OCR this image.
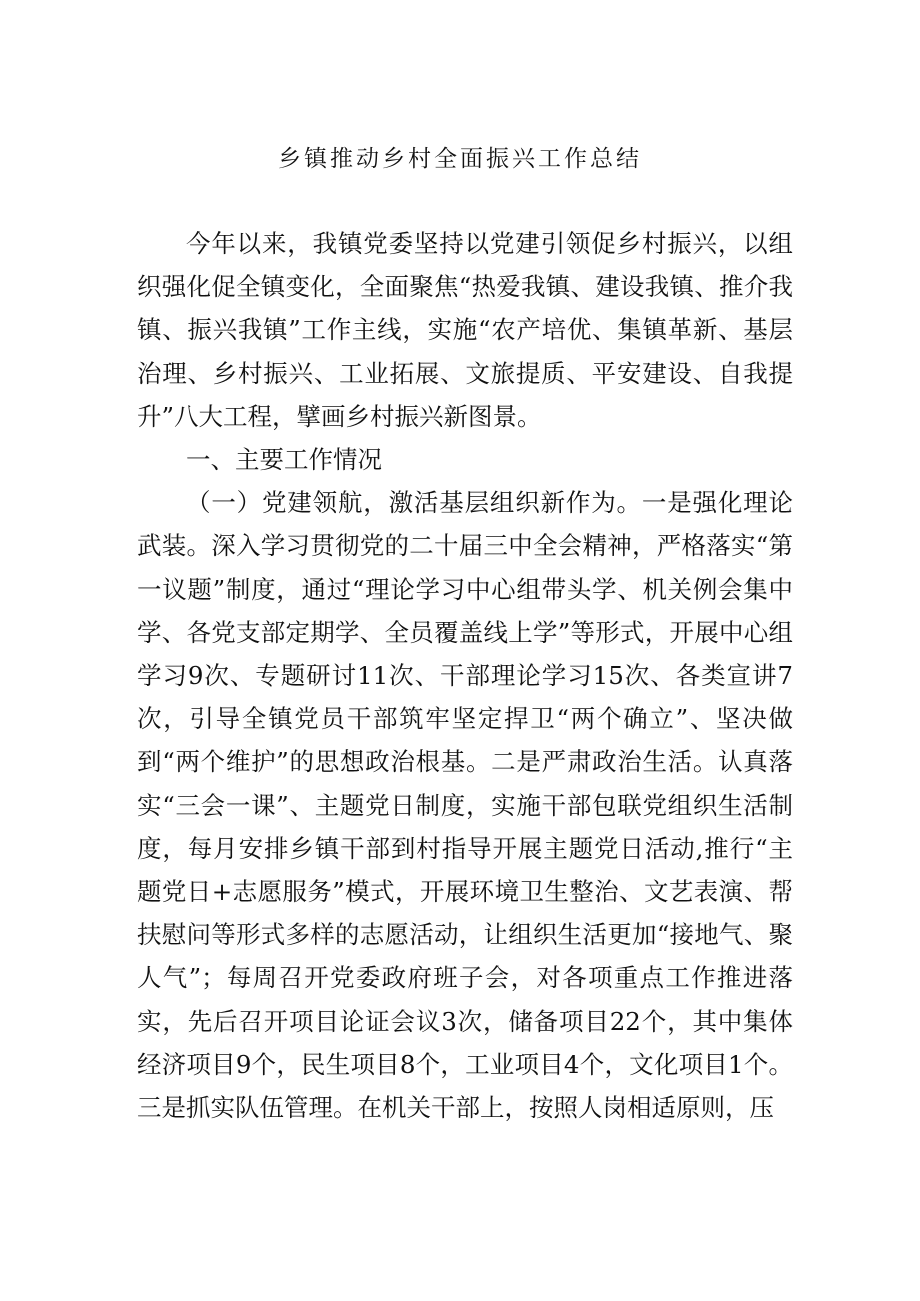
乡镇推动乡村全面振兴工作总结

今年以来，我镇党委坚持以党建引领促乡村振兴，以组织强化促全镇变化，全面聚焦“热爱我镇、建设我镇、推介我镇、振兴我镇”工作主线，实施“农产培优、集镇革新、基层治理、乡村振兴、工业拓展、文旅提质、平安建设、自我提升”八大工程，擘画乡村振兴新图景。

一、主要工作情况

（一）党建领航，激活基层组织新作为。一是强化理论武装。深入学习贯彻党的二十届三中全会精神，严格落实“第一议题”制度，通过“理论学习中心组带头学、机关例会集中学、各党支部定期学、全员覆盖线上学”等形式，开展中心组学习9次、专题研讨11次、干部理论学习15次、各类宣讲7次，引导全镇党员干部筑牢坚定捍卫“两个确立”、坚决做到“两个维护”的思想政治根基。二是严肃政治生活。认真落实“三会一课”、主题党日制度，实施干部包联党组织生活制度，每月安排乡镇干部到村指导开展主题党日活动,推行“主题党日+志愿服务”模式，开展环境卫生整治、文艺表演、帮扶慰问等形式多样的志愿活动，让组织生活更加“接地气、聚人气”；每周召开党委政府班子会，对各项重点工作推进落实，先后召开项目论证会议3次，储备项目22个，其中集体经济项目9个，民生项目8个，工业项目4个，文化项目1个。三是抓实队伍管理。在机关干部上，按照人岗相适原则，压
